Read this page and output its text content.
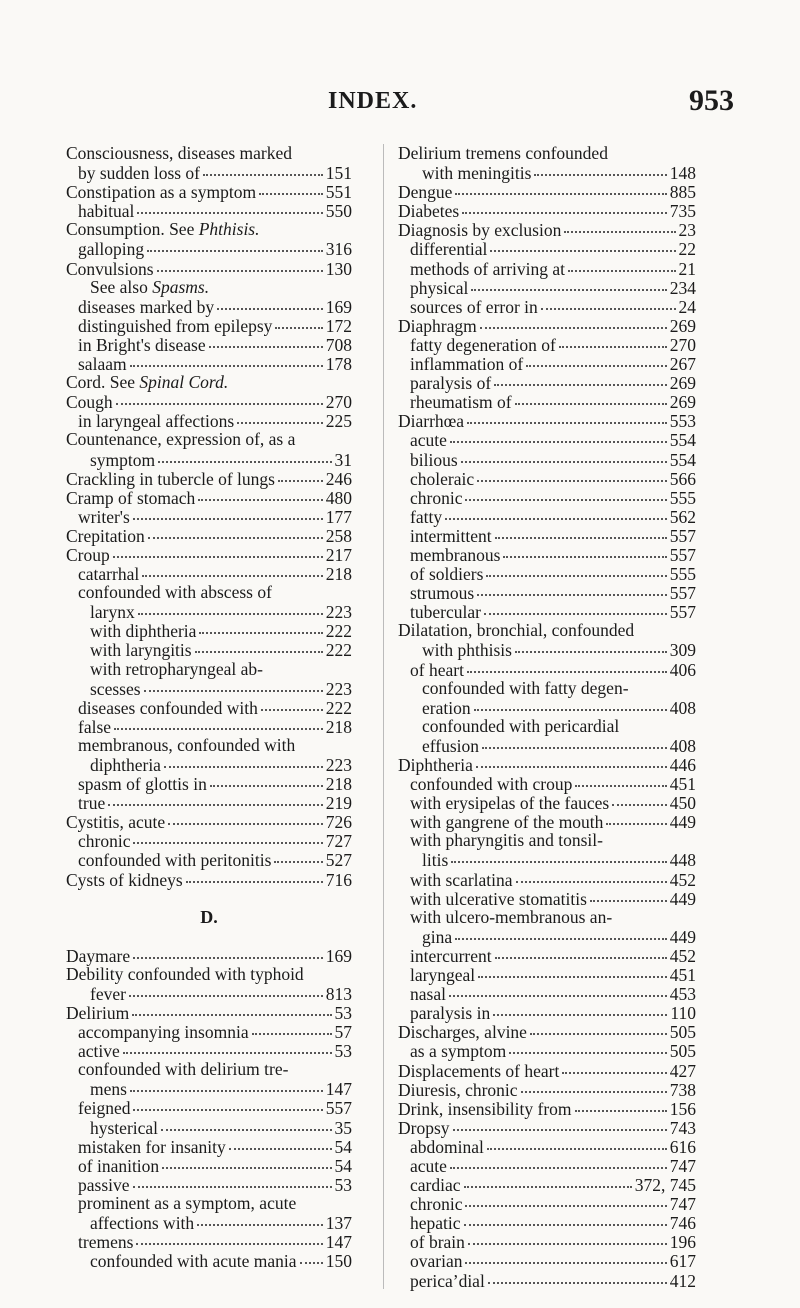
INDEX.	953
Consciousness, diseases marked
by sudden loss of	151
Constipation as a symptom	551
habitual	550
Consumption. See Phthisis.
galloping	316
Convulsions	130
See also Spasms.
diseases marked by	169
distinguished from epilepsy	172
in Bright's disease	708
salaam	178
Cord. See Spinal Cord.
Cough	270
in laryngeal affections	225
Countenance, expression of, as a
symptom	31
Crackling in tubercle of lungs	246
Cramp of stomach	480
writer's	177
Crepitation	258
Croup	217
catarrhal	218
confounded with abscess of
larynx	223
with diphtheria	222
with laryngitis	222
with retropharyngeal ab-
scesses	223
diseases confounded with	222
false	218
membranous, confounded with
diphtheria	223
spasm of glottis in	218
true	219
Cystitis, acute	726
chronic	727
confounded with peritonitis	527
Cysts of kidneys	716
D.
Daymare	169
Debility confounded with typhoid
fever	813
Delirium	53
accompanying insomnia	57
active	53
confounded with delirium tre-
mens	147
feigned	557
hysterical	35
mistaken for insanity	54
of inanition	54
passive	53
prominent as a symptom, acute
affections with	137
tremens	147
confounded with acute mania 150
Delirium tremens confounded
with meningitis	148
Dengue	885
Diabetes	735
Diagnosis by exclusion	23
differential	22
methods of arriving at	21
physical	234
sources of error in	24
Diaphragm	269
fatty degeneration of	270
inflammation of	267
paralysis of	269
rheumatism of	269
Diarrhœa	553
acute	554
bilious	554
choleraic	566
chronic	555
fatty	562
intermittent	557
membranous	557
of soldiers	555
strumous	557
tubercular	557
Dilatation, bronchial, confounded
with phthisis	309
of heart	406
confounded with fatty degen-
eration	408
confounded with pericardial
effusion	408
Diphtheria	446
confounded with croup	451
with erysipelas of the fauces	450
with gangrene of the mouth	449
with pharyngitis and tonsil-
litis	448
with scarlatina	452
with ulcerative stomatitis	449
with ulcero-membranous an-
gina	449
intercurrent	452
laryngeal	451
nasal	453
paralysis in	110
Discharges, alvine	505
as a symptom	505
Displacements of heart	427
Diuresis, chronic	738
Drink, insensibility from	156
Dropsy	743
abdominal	616
acute	747
cardiac	372, 745
chronic	747
hepatic	746
of brain	196
ovarian	617
pericaʼdial	412
